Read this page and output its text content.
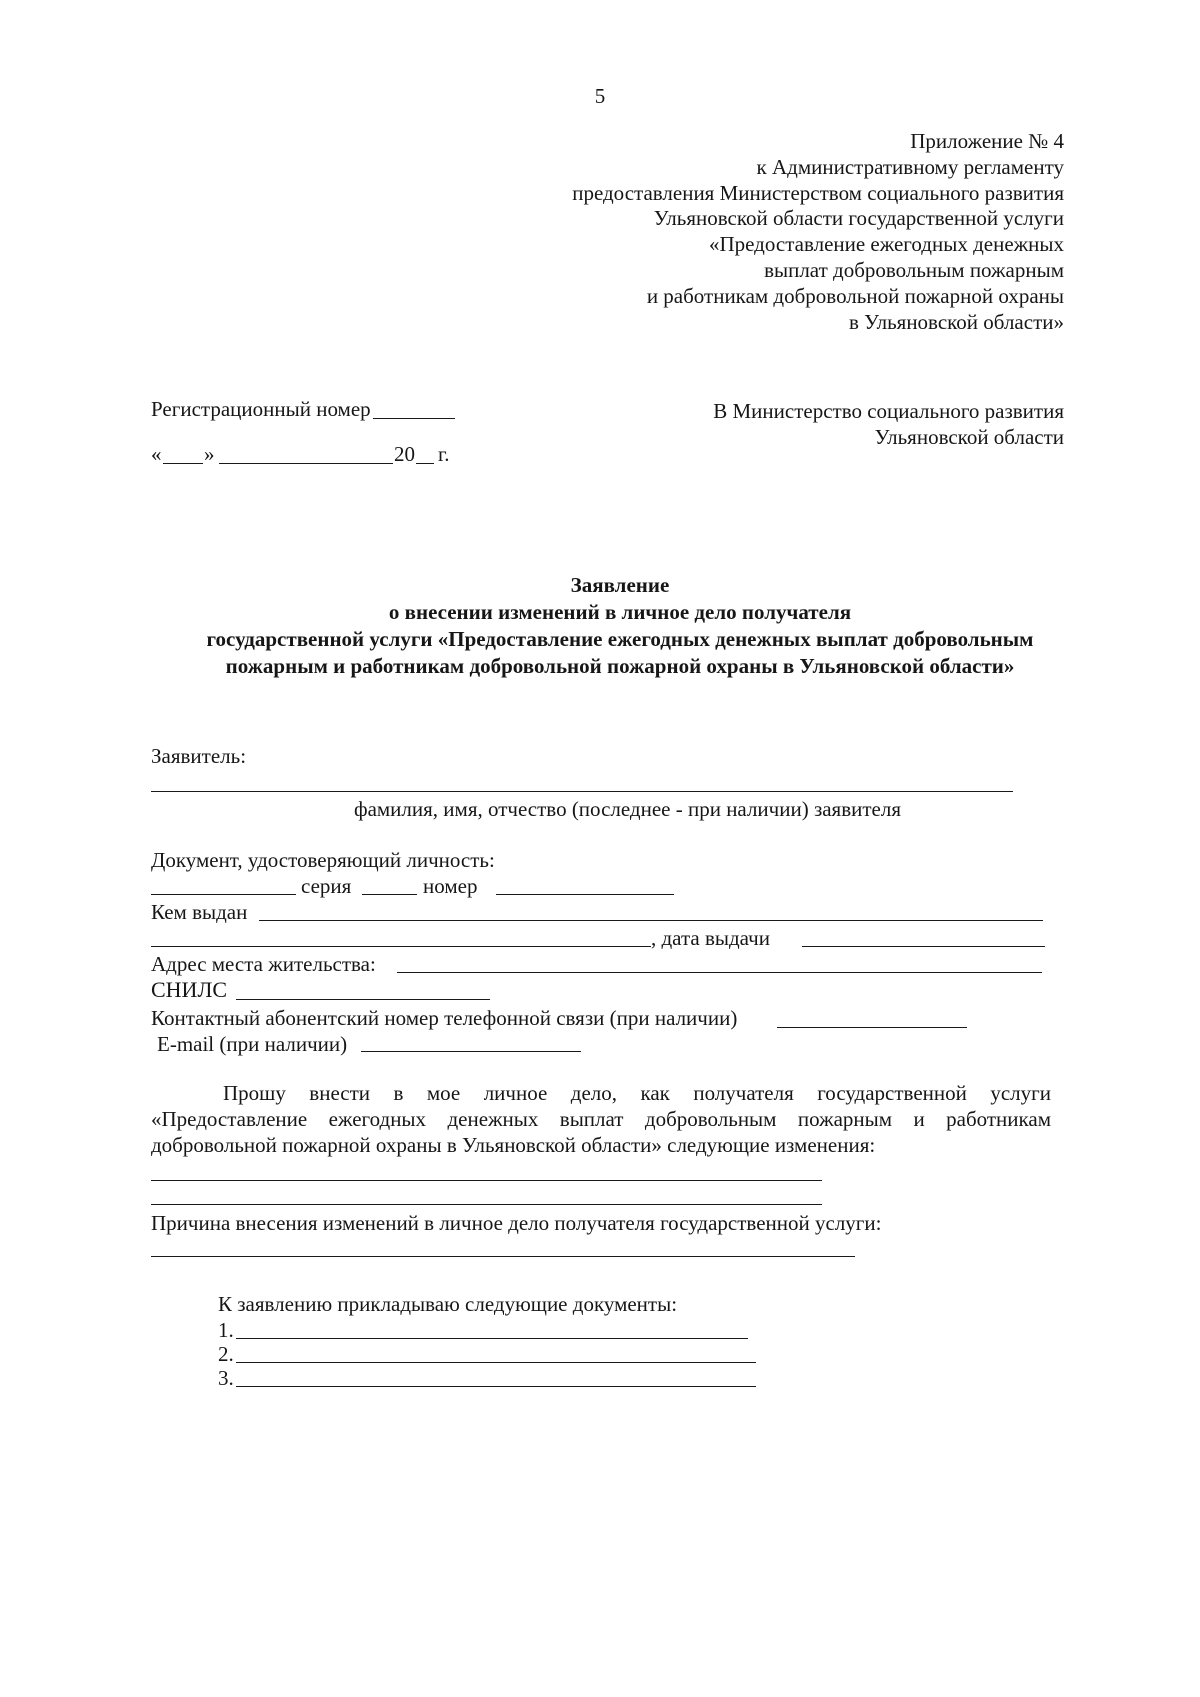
5
Приложение № 4
к Административному регламенту
предоставления Министерством социального развития
Ульяновской области государственной услуги
«Предоставление ежегодных денежных
выплат добровольным пожарным
и работникам добровольной пожарной охраны
в Ульяновской области»
Регистрационный номер
« »	20 г.
В Министерство социального развития
Ульяновской области
Заявление
о внесении изменений в личное дело получателя
государственной услуги «Предоставление ежегодных денежных выплат добровольным
пожарным и работникам добровольной пожарной охраны в Ульяновской области»
Заявитель:
фамилия, имя, отчество (последнее - при наличии) заявителя
Документ, удостоверяющий личность:
серия	номер
Кем выдан
, дата выдачи
Адрес места жительства:
СНИЛС
Контактный абонентский номер телефонной связи (при наличии)
E-mail (при наличии)
Прошу внести в мое личное дело, как получателя государственной услуги
«Предоставление ежегодных денежных выплат добровольным пожарным и работникам
добровольной пожарной охраны в Ульяновской области» следующие изменения:
Причина внесения изменений в личное дело получателя государственной услуги:
К заявлению прикладываю следующие документы:
1.
2.
3.
